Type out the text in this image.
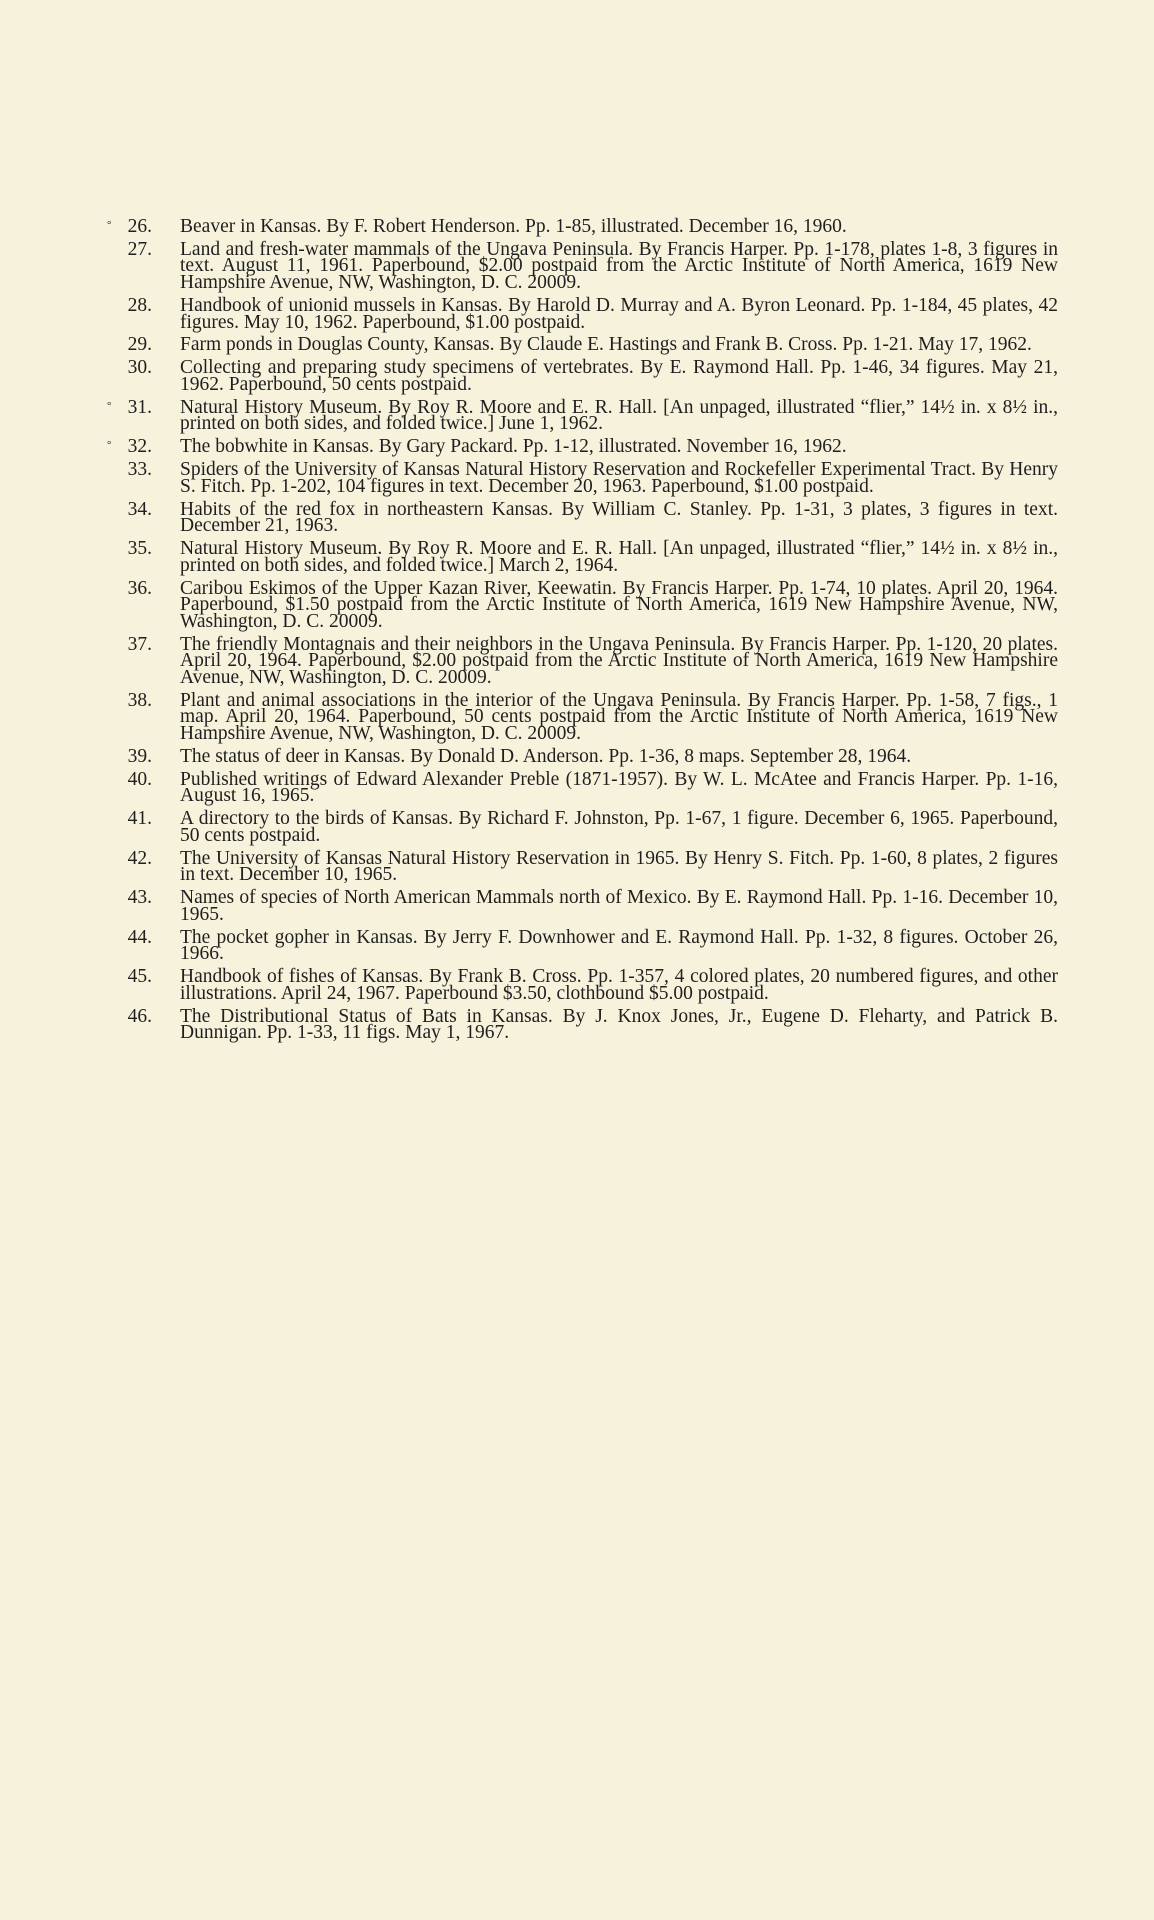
° 26. Beaver in Kansas. By F. Robert Henderson. Pp. 1-85, illustrated. December 16, 1960.
27. Land and fresh-water mammals of the Ungava Peninsula. By Francis Harper. Pp. 1-178, plates 1-8, 3 figures in text. August 11, 1961. Paperbound, $2.00 postpaid from the Arctic Institute of North America, 1619 New Hampshire Avenue, NW, Washington, D. C. 20009.
28. Handbook of unionid mussels in Kansas. By Harold D. Murray and A. Byron Leonard. Pp. 1-184, 45 plates, 42 figures. May 10, 1962. Paperbound, $1.00 postpaid.
29. Farm ponds in Douglas County, Kansas. By Claude E. Hastings and Frank B. Cross. Pp. 1-21. May 17, 1962.
30. Collecting and preparing study specimens of vertebrates. By E. Raymond Hall. Pp. 1-46, 34 figures. May 21, 1962. Paperbound, 50 cents postpaid.
° 31. Natural History Museum. By Roy R. Moore and E. R. Hall. [An unpaged, illustrated “flier,” 14½ in. x 8½ in., printed on both sides, and folded twice.] June 1, 1962.
° 32. The bobwhite in Kansas. By Gary Packard. Pp. 1-12, illustrated. November 16, 1962.
33. Spiders of the University of Kansas Natural History Reservation and Rockefeller Experimental Tract. By Henry S. Fitch. Pp. 1-202, 104 figures in text. December 20, 1963. Paperbound, $1.00 postpaid.
34. Habits of the red fox in northeastern Kansas. By William C. Stanley. Pp. 1-31, 3 plates, 3 figures in text. December 21, 1963.
35. Natural History Museum. By Roy R. Moore and E. R. Hall. [An unpaged, illustrated “flier,” 14½ in. x 8½ in., printed on both sides, and folded twice.] March 2, 1964.
36. Caribou Eskimos of the Upper Kazan River, Keewatin. By Francis Harper. Pp. 1-74, 10 plates. April 20, 1964. Paperbound, $1.50 postpaid from the Arctic Institute of North America, 1619 New Hampshire Avenue, NW, Washington, D. C. 20009.
37. The friendly Montagnais and their neighbors in the Ungava Peninsula. By Francis Harper. Pp. 1-120, 20 plates. April 20, 1964. Paperbound, $2.00 postpaid from the Arctic Institute of North America, 1619 New Hampshire Avenue, NW, Washington, D. C. 20009.
38. Plant and animal associations in the interior of the Ungava Peninsula. By Francis Harper. Pp. 1-58, 7 figs., 1 map. April 20, 1964. Paperbound, 50 cents postpaid from the Arctic Institute of North America, 1619 New Hampshire Avenue, NW, Washington, D. C. 20009.
39. The status of deer in Kansas. By Donald D. Anderson. Pp. 1-36, 8 maps. September 28, 1964.
40. Published writings of Edward Alexander Preble (1871-1957). By W. L. McAtee and Francis Harper. Pp. 1-16, August 16, 1965.
41. A directory to the birds of Kansas. By Richard F. Johnston, Pp. 1-67, 1 figure. December 6, 1965. Paperbound, 50 cents postpaid.
42. The University of Kansas Natural History Reservation in 1965. By Henry S. Fitch. Pp. 1-60, 8 plates, 2 figures in text. December 10, 1965.
43. Names of species of North American Mammals north of Mexico. By E. Raymond Hall. Pp. 1-16. December 10, 1965.
44. The pocket gopher in Kansas. By Jerry F. Downhower and E. Raymond Hall. Pp. 1-32, 8 figures. October 26, 1966.
45. Handbook of fishes of Kansas. By Frank B. Cross. Pp. 1-357, 4 colored plates, 20 numbered figures, and other illustrations. April 24, 1967. Paperbound $3.50, clothbound $5.00 postpaid.
46. The Distributional Status of Bats in Kansas. By J. Knox Jones, Jr., Eugene D. Fleharty, and Patrick B. Dunnigan. Pp. 1-33, 11 figs. May 1, 1967.
